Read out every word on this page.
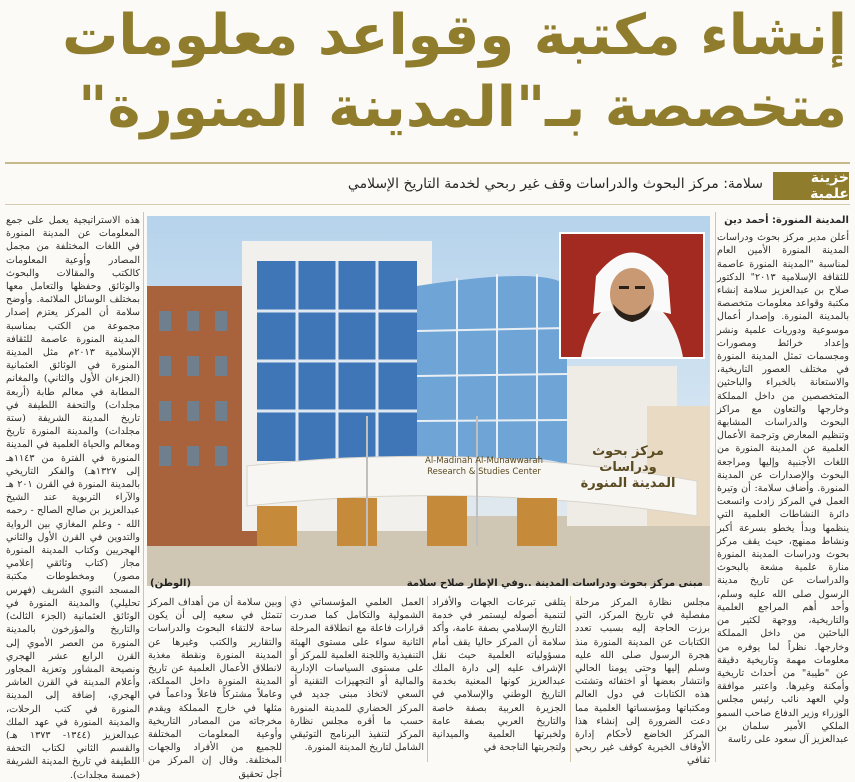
إنشاء مكتبة وقواعد معلومات
متخصصة بـ"المدينة المنورة"
خزينة علمية
سلامة: مركز البحوث والدراسات وقف غير ربحي لخدمة التاريخ الإسلامي
المدينة المنورة: أحمد دين
أعلن مدير مركز بحوث ودراسات المدينة المنورة الأمين العام لمناسبة "المدينة المنورة عاصمة للثقافة الإسلامية ٢٠١٣" الدكتور صلاح بن عبدالعزيز سلامة إنشاء مكتبة وقواعد معلومات متخصصة بالمدينة المنورة. وإصدار أعمال موسوعية ودوريات علمية ونشر وإعداد خرائط ومصورات ومجسمات تمثل المدينة المنورة في مختلف العصور التاريخية، والاستعانة بالخبراء والباحثين المتخصصين من داخل المملكة وخارجها والتعاون مع مراكز البحوث والدراسات المشابهة وتنظيم المعارض وترجمة الأعمال العلمية عن المدينة المنورة من اللغات الأجنبية وإليها ومراجعة البحوث والإصدارات عن المدينة المنورة. وأضاف سلامة: أن وتيرة العمل في المركز زادت واتسعت دائرة النشاطات العلمية التي ينظمها وبدأ يخطو بسرعة أكبر ونشاط ممنهج، حيث يقف مركز بحوث ودراسات المدينة المنورة منارة علمية مشعة بالبحوث والدراسات عن تاريخ مدينة الرسول صلى الله عليه وسلم، وأحد أهم المراجع العلمية والتاريخية، ووجهة لكثير من الباحثين من داخل المملكة وخارجها. نظراً لما يوفره من معلومات مهمة وتاريخية دقيقة عن "طيبة" من أحداث تاريخية وأمكنة وغيرها. واعتبر موافقة ولي العهد نائب رئيس مجلس الوزراء وزير الدفاع صاحب السمو الملكي الأمير سلمان بن عبدالعزيز آل سعود على رئاسة
هذه الاستراتيجية يعمل على جمع المعلومات عن المدينة المنورة في اللغات المختلفة من مجمل المصادر وأوعية المعلومات كالكتب والمقالات والبحوث والوثائق وحفظها والتعامل معها بمختلف الوسائل الملائمة. وأوضح سلامة أن المركز يعتزم إصدار مجموعة من الكتب بمناسبة المدينة المنورة عاصمة للثقافة الإسلامية ٢٠١٣م مثل المدينة المنورة في الوثائق العثمانية (الجزءان الأول والثاني) والمغانم المطابة في معالم طابة (أربعة مجلدات) والتحفة اللطيفة في تاريخ المدينة الشريفة (ستة مجلدات) والمدينة المنورة تاريخ ومعالم والحياة العلمية في المدينة المنورة في الفترة من ١١٤٣هـ إلى ١٣٢٧هـ) والفكر التاريخي بالمدينة المنورة في القرن ٢٠١ هـ والآراء التربوية عند الشيخ عبدالعزيز بن صالح الصالح - رحمه الله - وعلم المغازي بين الرواية والتدوين في القرن الأول والثاني الهجريين وكتاب المدينة المنورة مجاز (كتاب وثائقي إعلامي مصور) ومخطوطات مكتبة المسجد النبوي الشريف (فهرس تحليلي) والمدينة المنورة في الوثائق العثمانية (الجزء الثالث) والتاريخ والمؤرخون بالمدينة المنورة من العصر الأموي إلى القرن الرابع عشر الهجري ونصيحة المشاور وتعزية المجاور وأعلام المدينة في القرن العاشر الهجري، إضافة إلى المدينة المنورة في كتب الرحلات، والمدينة المنورة في عهد الملك عبدالعزيز (١٣٤٤- ١٣٧٣ هـ) والقسم الثاني لكتاب التحفة اللطيفة في تاريخ المدينة الشريفة (خمسة مجلدات).
مركز بحوث ودراسات
المدينة المنورة
Al-Madinah Al-Munawwarah
Research & Studies Center
مبنى مركز بحوث ودراسات المدينة ..وفي الإطار صلاح سلامة
(الوطن)
مجلس نظارة المركز مرحلة مفصلية في تاريخ المركز، التي برزت الحاجة إليه بسبب تعدد الكتابات عن المدينة المنورة منذ هجرة الرسول صلى الله عليه وسلم إليها وحتى يومنا الحالي وانتشار بعضها أو اختفائه وتشتت هذه الكتابات في دول العالم ومكتباتها ومؤسساتها العلمية مما دعت الضرورة إلى إنشاء هذا المركز الخاضع لأحكام إدارة الأوقاف الخيرية كوقف غير ربحي ثقافي
يتلقى تبرعات الجهات والأفراد لتنمية أصوله ليستمر في خدمة التاريخ الإسلامي بصفة عامة، وأكد سلامة أن المركز حاليا يقف أمام مسؤولياته العلمية حيث نقل الإشراف عليه إلى دارة الملك عبدالعزيز كونها المعنية بخدمة التاريخ الوطني والإسلامي في الجزيرة العربية بصفة خاصة والتاريخ العربي بصفة عامة ولخبرتها العلمية والميدانية ولتجربتها الناجحة في
العمل العلمي المؤسساتي ذي الشمولية والتكامل كما صدرت قرارات فاعلة مع انطلاقة المرحلة الثانية سواء على مستوى الهيئة التنفيذية واللجنة العلمية للمركز أو على مستوى السياسات الإدارية والمالية أو التجهيزات التقنية أو السعي لاتخاذ مبنى جديد في المركز الحضاري للمدينة المنورة حسب ما أقره مجلس نظارة المركز لتنفيذ البرنامج التوثيقي الشامل لتاريخ المدينة المنورة.
وبين سلامة أن من أهداف المركز تتمثل في سعيه إلى أن يكون ساحة لالتقاء البحوث والدراسات والتقارير والكتب وغيرها عن المدينة المنورة ونقطة مغذية لانطلاق الأعمال العلمية عن تاريخ المدينة المنورة داخل المملكة، وعاملاً مشتركاً فاعلاً وداعماً في مثلها في خارج المملكة ويقدم مخرجاته من المصادر التاريخية وأوعية المعلومات المختلفة للجميع من الأفراد والجهات المختلفة. وقال إن المركز من أجل تحقيق
